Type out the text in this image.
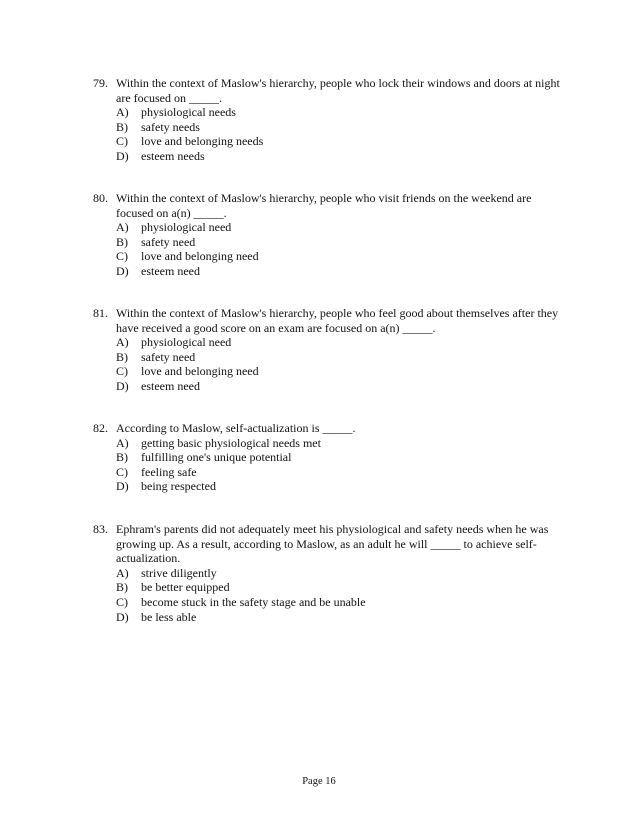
79. Within the context of Maslow's hierarchy, people who lock their windows and doors at night are focused on _____.
A)	physiological needs
B)	safety needs
C)	love and belonging needs
D)	esteem needs
80. Within the context of Maslow's hierarchy, people who visit friends on the weekend are focused on a(n) _____.
A)	physiological need
B)	safety need
C)	love and belonging need
D)	esteem need
81. Within the context of Maslow's hierarchy, people who feel good about themselves after they have received a good score on an exam are focused on a(n) _____.
A)	physiological need
B)	safety need
C)	love and belonging need
D)	esteem need
82. According to Maslow, self-actualization is _____.
A)	getting basic physiological needs met
B)	fulfilling one's unique potential
C)	feeling safe
D)	being respected
83. Ephram's parents did not adequately meet his physiological and safety needs when he was growing up. As a result, according to Maslow, as an adult he will _____ to achieve self-actualization.
A)	strive diligently
B)	be better equipped
C)	become stuck in the safety stage and be unable
D)	be less able
Page 16
